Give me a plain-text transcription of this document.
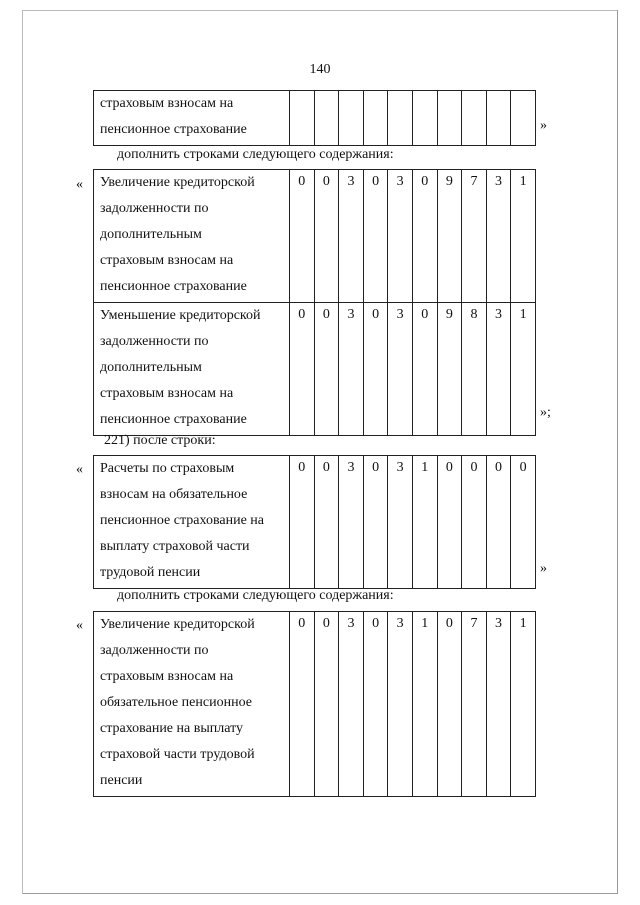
140
страховым взносам на
пенсионное страхование
											»
дополнить строками следующего содержания:
« Увеличение кредиторской
задолженности по
дополнительным
страховым взносам на
пенсионное страхование	0	0	3	0	3	0	9	7	3	1

Уменьшение кредиторской
задолженности по
дополнительным
страховым взносам на
пенсионное страхование	0	0	3	0	3	0	9	8	3	1
»;
221) после строки:
« Расчеты по страховым
взносам на обязательное
пенсионное страхование на
выплату страховой части
трудовой пенсии
	0	0	3	0	3	1	0	0	0	0
»
дополнить строками следующего содержания:
« Увеличение кредиторской
задолженности по
страховым взносам на
обязательное пенсионное
страхование на выплату
страховой части трудовой
пенсии
	0	0	3	0	3	1	0	7	3	1
